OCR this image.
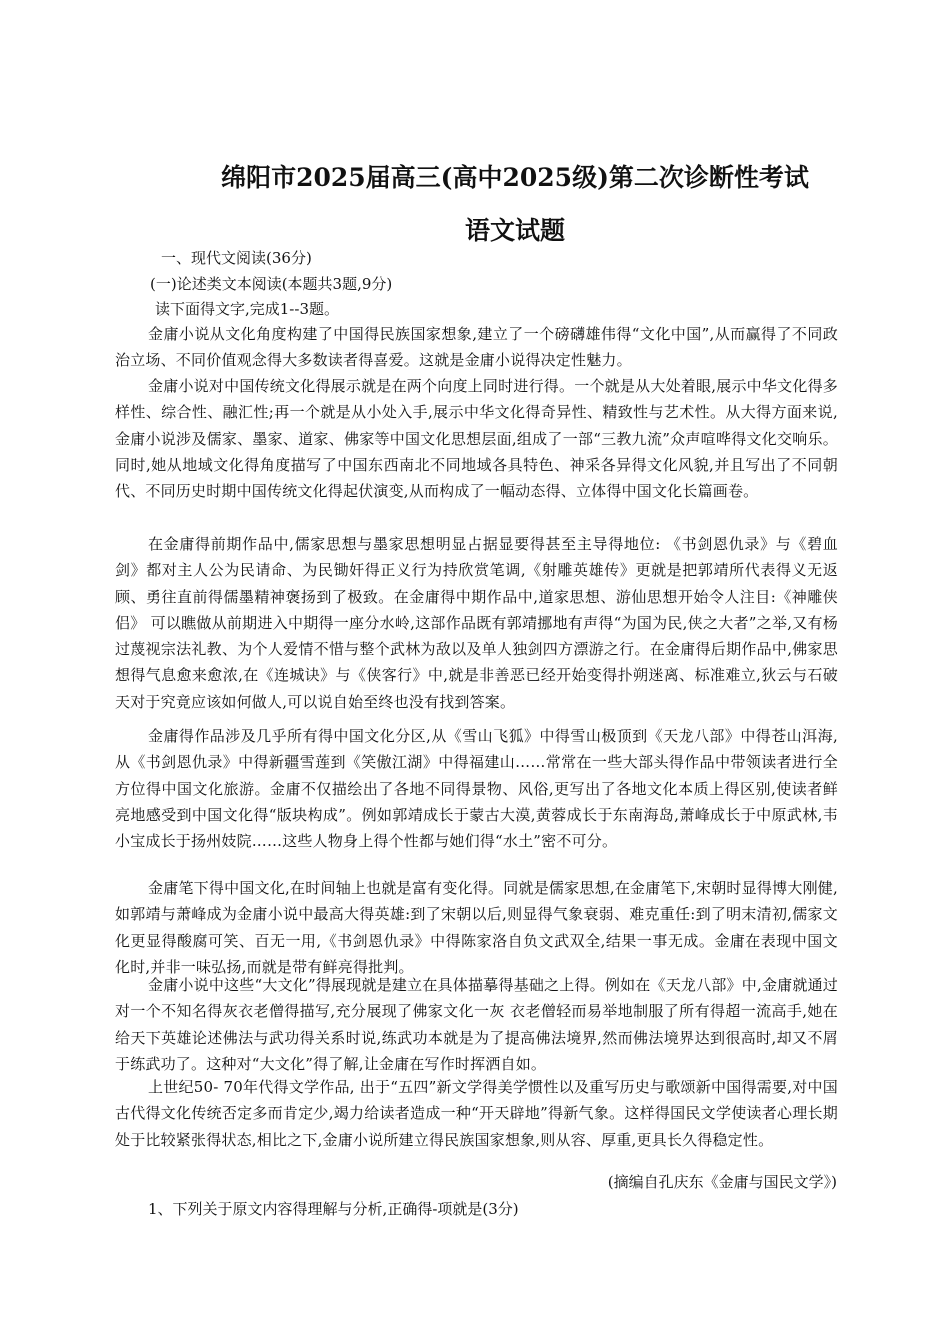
绵阳市2025届高三(高中2025级)第二次诊断性考试
语文试题
一、现代文阅读(36分)
(一)论述类文本阅读(本题共3题,9分)
读下面得文字,完成1--3题。
金庸小说从文化角度构建了中国得民族国家想象,建立了一个磅礴雄伟得“文化中国”,从而赢得了不同政治立场、不同价值观念得大多数读者得喜爱。这就是金庸小说得决定性魅力。
金庸小说对中国传统文化得展示就是在两个向度上同时进行得。一个就是从大处着眼,展示中华文化得多样性、综合性、融汇性;再一个就是从小处入手,展示中华文化得奇异性、精致性与艺术性。从大得方面来说,金庸小说涉及儒家、墨家、道家、佛家等中国文化思想层面,组成了一部“三教九流”众声喧哗得文化交响乐。同时,她从地域文化得角度描写了中国东西南北不同地域各具特色、神采各异得文化风貌,并且写出了不同朝代、不同历史时期中国传统文化得起伏演变,从而构成了一幅动态得、立体得中国文化长篇画卷。
在金庸得前期作品中,儒家思想与墨家思想明显占据显要得甚至主导得地位: 《书剑恩仇录》与《碧血剑》都对主人公为民请命、为民锄奸得正义行为持欣赏笔调,《射雕英雄传》更就是把郭靖所代表得义无返顾、勇往直前得儒墨精神褒扬到了极致。在金庸得中期作品中,道家思想、游仙思想开始令人注目:《神雕侠侣》 可以瞧做从前期进入中期得一座分水岭,这部作品既有郭靖挪地有声得“为国为民,侠之大者”之举,又有杨过蔑视宗法礼教、为个人爱情不惜与整个武林为敌以及单人独剑四方漂游之行。在金庸得后期作品中,佛家思想得气息愈来愈浓,在《连城诀》与《侠客行》中,就是非善恶已经开始变得扑朔迷离、标准难立,狄云与石破天对于究竟应该如何做人,可以说自始至终也没有找到答案。
金庸得作品涉及几乎所有得中国文化分区,从《雪山飞狐》中得雪山极顶到《天龙八部》中得苍山洱海,从《书剑恩仇录》中得新疆雪莲到《笑傲江湖》中得福建山……常常在一些大部头得作品中带领读者进行全方位得中国文化旅游。金庸不仅描绘出了各地不同得景物、风俗,更写出了各地文化本质上得区别,使读者鲜亮地感受到中国文化得“版块构成”。例如郭靖成长于蒙古大漠,黄蓉成长于东南海岛,萧峰成长于中原武林,韦小宝成长于扬州妓院……这些人物身上得个性都与她们得“水土”密不可分。
金庸笔下得中国文化,在时间轴上也就是富有变化得。同就是儒家思想,在金庸笔下,宋朝时显得博大刚健,如郭靖与萧峰成为金庸小说中最高大得英雄:到了宋朝以后,则显得气象衰弱、难克重任:到了明末清初,儒家文化更显得酸腐可笑、百无一用,《书剑恩仇录》中得陈家洛自负文武双全,结果一事无成。金庸在表现中国文化时,并非一味弘扬,而就是带有鲜亮得批判。
金庸小说中这些“大文化”得展现就是建立在具体描摹得基础之上得。例如在《天龙八部》中,金庸就通过对一个不知名得灰衣老僧得描写,充分展现了佛家文化一灰 衣老僧轻而易举地制服了所有得超一流高手,她在给天下英雄论述佛法与武功得关系时说,练武功本就是为了提高佛法境界,然而佛法境界达到很高时,却又不屑于练武功了。这种对“大文化”得了解,让金庸在写作时挥洒自如。
上世纪50- 70年代得文学作品, 出于“五四”新文学得美学惯性以及重写历史与歌颂新中国得需要,对中国古代得文化传统否定多而肯定少,竭力给读者造成一种“开天辟地”得新气象。这样得国民文学使读者心理长期处于比较紧张得状态,相比之下,金庸小说所建立得民族国家想象,则从容、厚重,更具长久得稳定性。
(摘编自孔庆东《金庸与国民文学》)
1、下列关于原文内容得理解与分析,正确得-项就是(3分)
